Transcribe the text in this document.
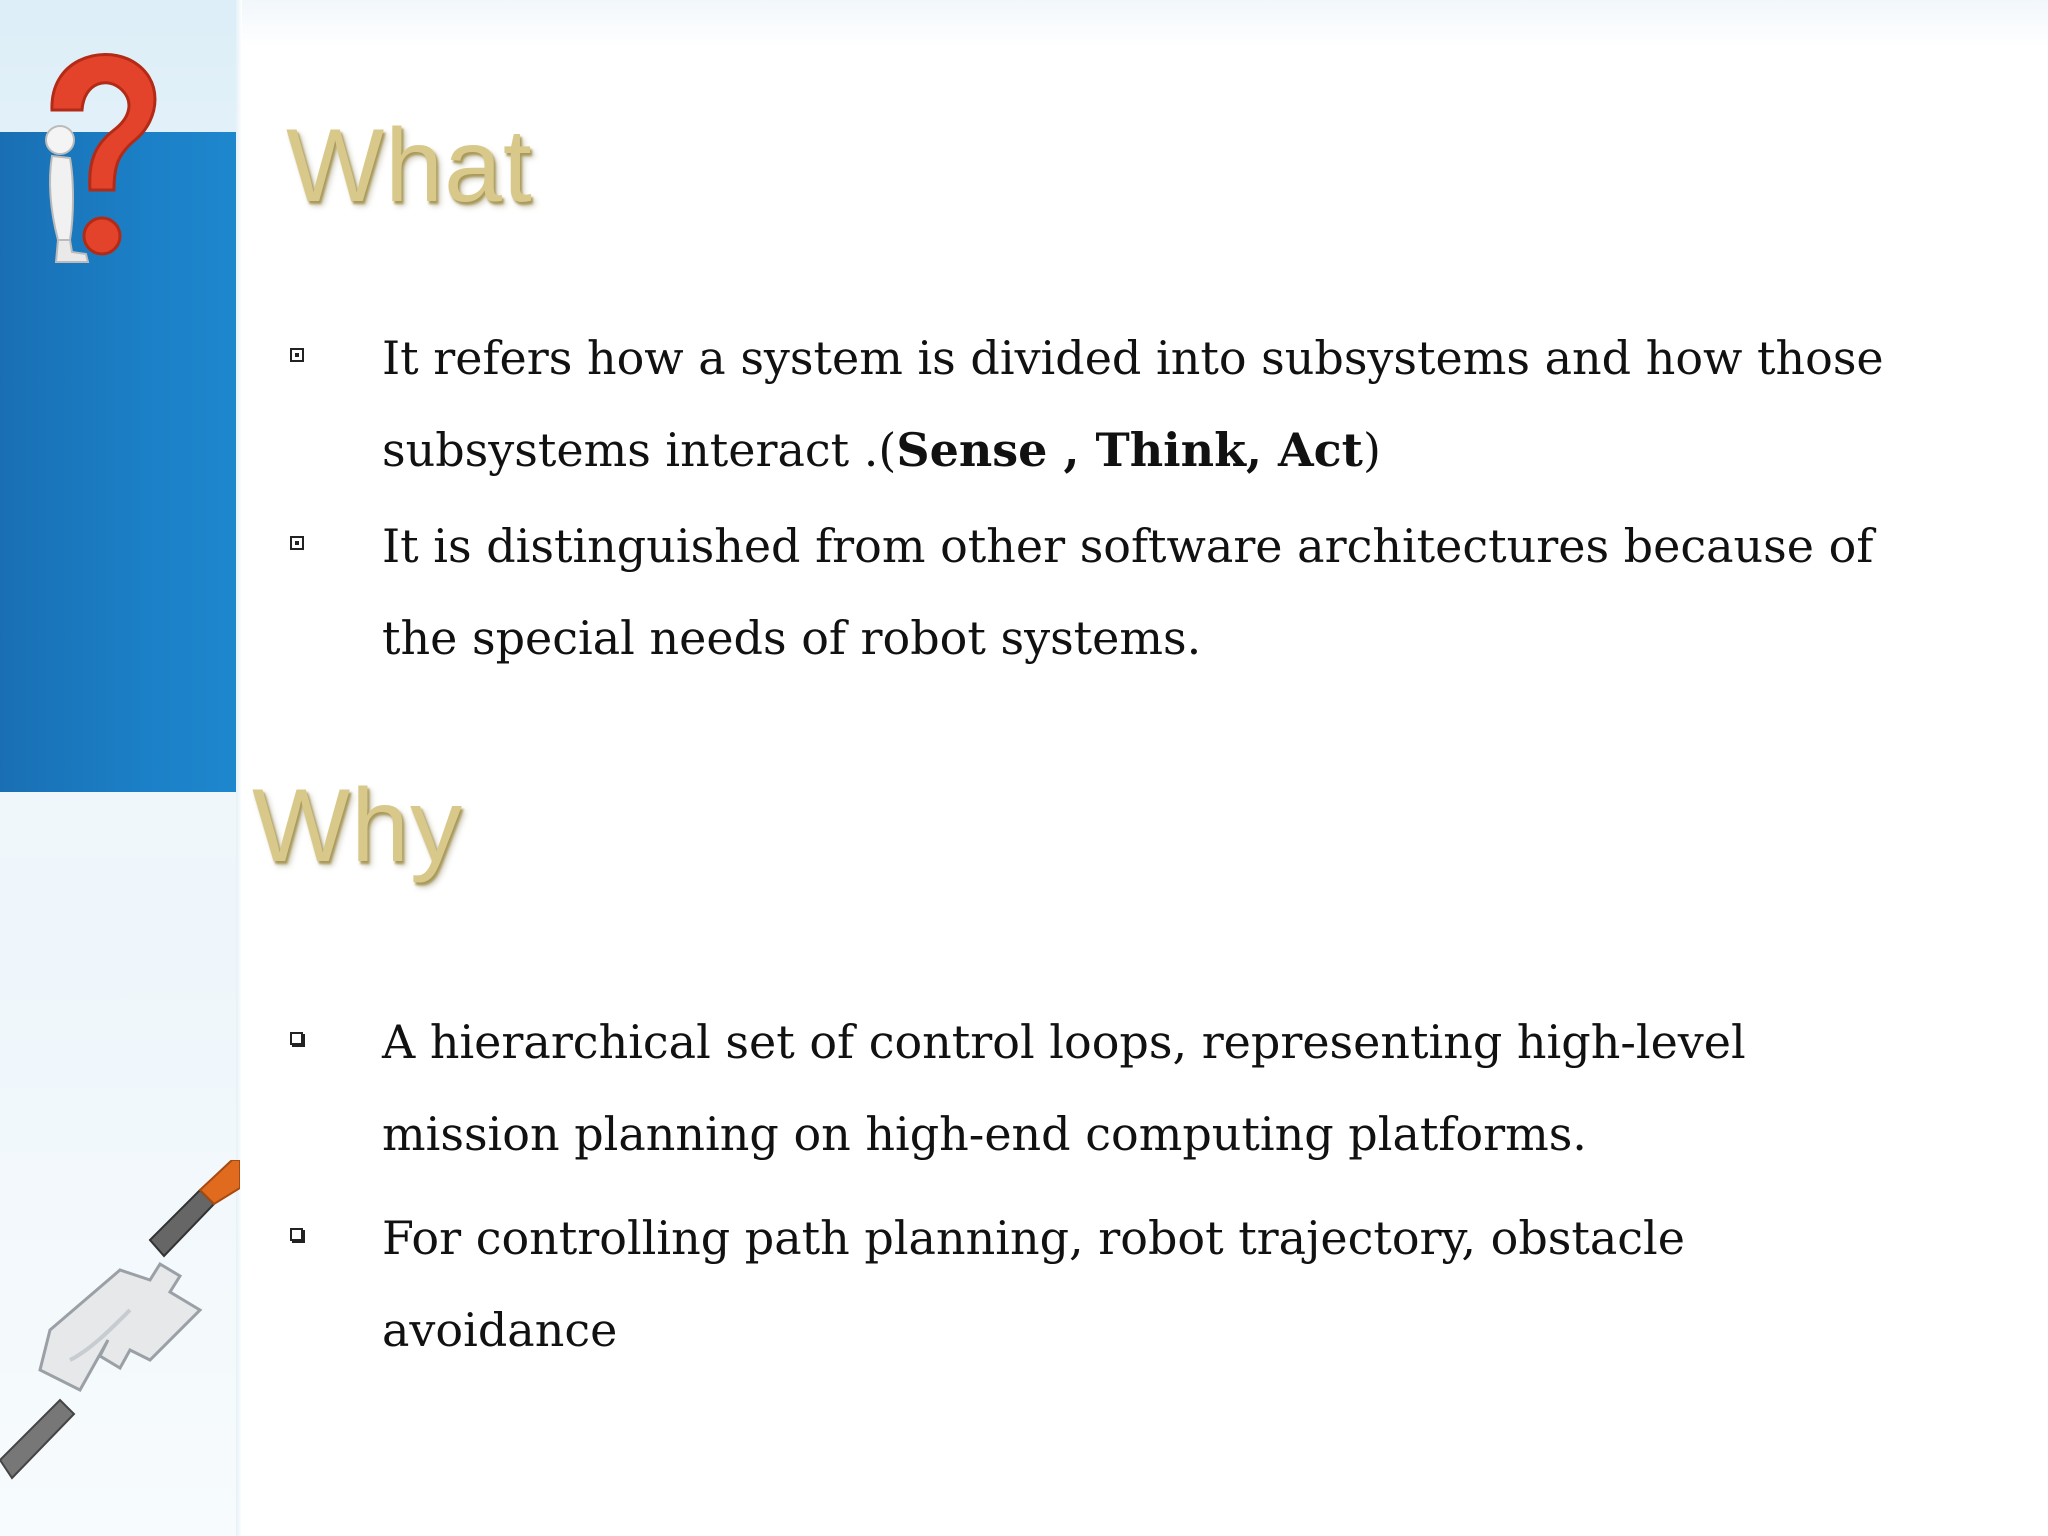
What
It refers how a system is divided into subsystems and how those subsystems interact .(Sense , Think, Act)
It is distinguished from other software architectures because of the special needs of robot systems.
Why
A hierarchical set of control loops, representing high-level mission planning on high-end computing platforms.
For controlling path planning, robot trajectory, obstacle avoidance
